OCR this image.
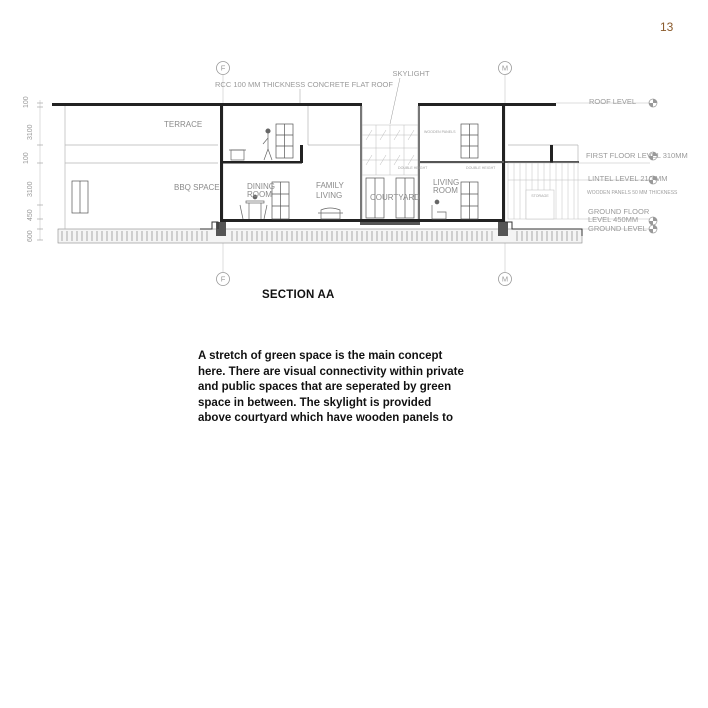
13
F	M
F	M
100
3100
100
3100
450
600
STORAGE
RCC 100 MM THICKNESS CONCRETE FLAT ROOF
SKYLIGHT
TERRACE
BBQ SPACE	DINING
ROOM
FAMILY
LIVING	COURTYARD
LIVING
ROOM
DOUBLE HEIGHT	DOUBLE HEIGHT
WOODEN PANELS
ROOF LEVEL
FIRST FLOOR LEVEL 310MM
LINTEL LEVEL 210 MM
WOODEN PANELS 50 MM THICKNESS
GROUND FLOOR
LEVEL 450MM
GROUND LEVEL
SECTION AA
A stretch of green space is the main concept
here. There are visual connectivity within private
and public spaces that are seperated by green
space in between. The skylight is provided
above courtyard which have wooden panels to
